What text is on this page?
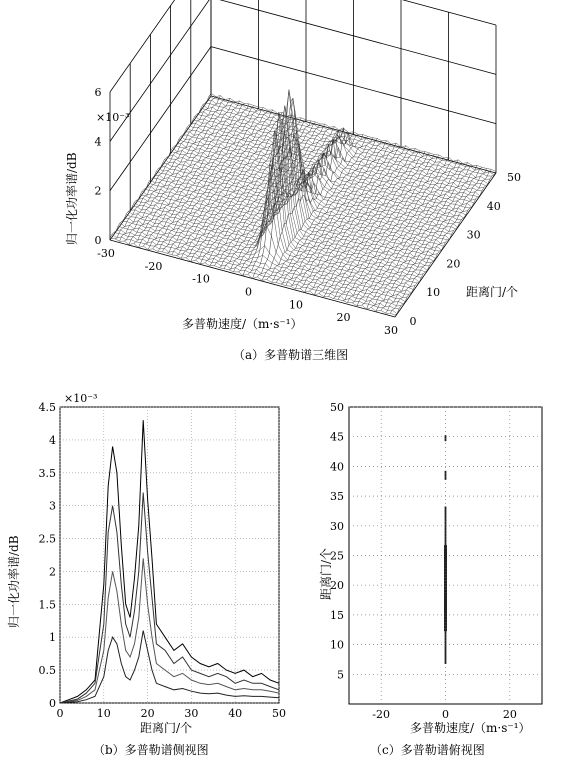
-30
-20
-10
0
10
20
30
0
10
20
30
40
50
0
2
4
6
×10⁻³
归一化功率谱/dB
多普勒速度/（m·s⁻¹）
距离门/个
（a）多普勒谱三维图
0	10	20	30	40	50
0
0.5
1
1.5
2
2.5
3
3.5
4
4.5
×10⁻³
归一化功率谱/dB
距离门/个
（b）多普勒谱侧视图
-20	0	20
5
10
15
20
25
30
35
40
45
50
距离门/个
多普勒速度/（m·s⁻¹）
（c）多普勒谱俯视图
